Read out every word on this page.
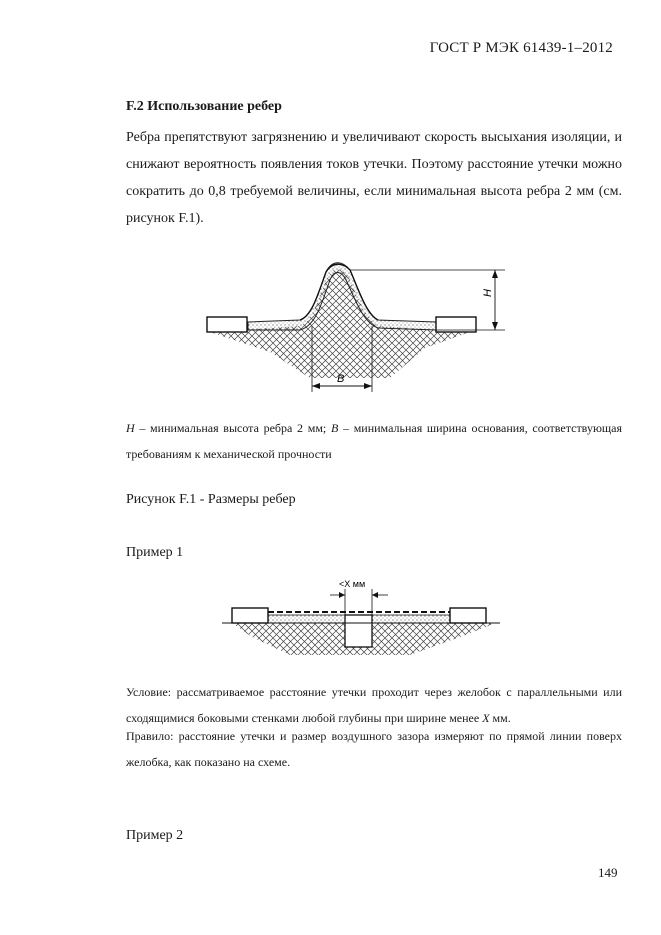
ГОСТ Р МЭК 61439-1–2012
F.2 Использование ребер
Ребра препятствуют загрязнению и увеличивают скорость высыхания изоляции, и снижают вероятность появления токов утечки. Поэтому расстояние утечки можно сократить до 0,8 требуемой величины, если минимальная высота ребра 2 мм (см. рисунок F.1).
H
B
H – минимальная высота ребра 2 мм; B – минимальная ширина основания, соответствующая требованиям к механической прочности
Рисунок F.1 - Размеры ребер
Пример 1
<X мм
Условие: рассматриваемое расстояние утечки проходит через желобок с параллельными или сходящимися боковыми стенками любой глубины при ширине менее X мм.
Правило: расстояние утечки и размер воздушного зазора измеряют по прямой линии поверх желобка, как показано на схеме.
Пример 2
149
